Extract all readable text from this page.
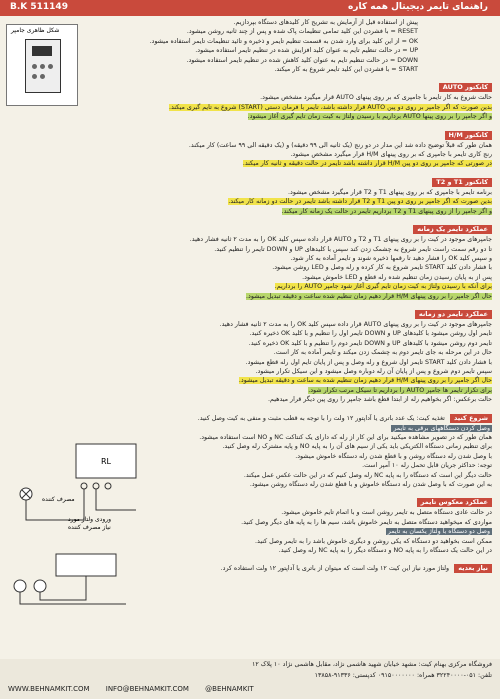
B.K 511149	راهنمای تایمر دیجیتال همه کاره
شکل ظاهری جامپر
پیش از استفاده قبل از آزمایش به تشریح کار کلیدهای دستگاه بپردازیم.
RESET = با فشردن این کلید تمامی تنظیمات پاک شده و پس از چند ثانیه روشن میشود.
OK = از این کلید برای وارد شدن به قسمت تنظیم تایمر و ذخیره و تائید تنظیمات تایمر استفاده میشود.
UP = در حالت تنظیم تایم به عنوان کلید افزایش شده در تنظیم تایمر استفاده میشود.
DOWN = در حالت تنظیم تایم به عنوان کلید کاهش شده در تنظیم تایمر استفاده میشود.
START = با فشردن این کلید تایمر شروع به کار میکند.
کانکتور AUTO
حالت شروع به کار تایمر با جامپری که بر روی پینهای AUTO قرار میگیرد مشخص میشود.
بدین صورت که اگر جامپر بر روی دو پین AUTO قرار داشته باشد، تایمر با فرمان دستی (START) شروع به تایم گیری میکند.
و اگر جامپر را بر روی پینها AUTO برداریم با رسیدن ولتاژ به کیت زمان تایم گیری آغاز میشود.
کانکتور H/M
همان طور که قبلاً توضیح داده شد این مدار در دو رنج (یک ثانیه الی ۹۹ دقیقه) و (یک دقیقه الی ۹۹ ساعت) کار میکند.
رنج کاری تایمر با جامپری که بر روی پینهای H/M قرار میگیرد مشخص میشود.
در صورتی که جامپر بر روی دو پین H/M قرار داشته باشد تایمر در حالت دقیقه و ثانیه کار میکند.
کانکتور T1 و T2
برنامه تایمر با جامپری که بر روی پینهای T1 و T2 قرار میگیرد مشخص میشود.
بدین صورت که اگر جامپر بر روی دو پین T1 و T2 قرار داشته باشد تایمر در حالت دو زمانه کار میکند.
و اگر جامپر را از روی پینهای T1 و T2 برداریم تایمر در حالت یک زمانه کار میکند.
عملکرد تایمر یک زمانه
جامپرهای موجود در کیت را بر روی پینهای T1 و T2 و AUTO قرار داده سپس کلید OK را به مدت ۲ ثانیه فشار دهید.
تا دو رقم سمت راست تایمر شروع به چشمک زدن کند سپس با کلیدهای UP و DOWN تایمر را تنظیم کنید.
و سپس کلید OK را فشار دهید تا رقمها ذخیره شوند و تایمر آماده به کار شود.
با فشار دادن کلید START تایمر شروع به کار کرده و رله وصل و LED روشن میشود.
پس از به پایان رسیدن زمان تنظیم شده رله قطع و LED خاموش میشود.
برای آنکه با رسیدن ولتاژ به کیت زمان تایم گیری آغاز شود جامپر AUTO را برداریم.
حال اگر جامپر را بر روی پینهای H/M قرار دهیم زمان تنظیم شده ساعت و دقیقه تبدیل میشود.
عملکرد تایمر دو زمانه
جامپرهای موجود در کیت را بر روی پینهای AUTO قرار داده سپس کلید OK را به مدت ۲ ثانیه فشار دهید.
تایمر اول روشن میشود با کلیدهای UP و DOWN تایمر اول را تنظیم و با کلید OK ذخیره کنید.
تایمر دوم روشن میشود با کلیدهای UP و DOWN تایمر دوم را تنظیم و با کلید OK ذخیره کنید.
حال در این مرحله به جای تایمر دوم به چشمک زدن میکند و تایمر آماده به کار است.
با فشار دادن کلید START تایمر اول شروع و رله وصل و پس از پایان تایم اول رله قطع میشود.
سپس تایمر دوم شروع و پس از پایان آن رله دوباره وصل میشود و این سیکل تکرار میشود.
حال اگر جامپر را بر روی پینهای H/M قرار دهیم زمان تنظیم شده به ساعت و دقیقه تبدیل میشود.
برای تکرار تایمر ها جامپر AUTO را برداریم تا سیکل مرتب تکرار شود.
حالت برعکس: اگر بخواهیم رله از ابتدا قطع باشد جامپر را روی پین دیگر قرار میدهیم.
شروع کنید تغذیه کیت: یک عدد باتری یا آداپتور ۱۲ ولت را با توجه به قطب مثبت و منفی به کیت وصل کنید.
وصل کردن دستگاههای برقی به تایمر
همان طور که در تصویر مشاهده میکنید برای این کار از رله که دارای یک کنتاکت NC و NO است استفاده میشود.
برای تنظیم زمانی دستگاه الکتریکی باید یکی از سیم های آن را به پایه NO و پایه مشترک رله وصل کنید.
با وصل شدن رله دستگاه روشن و با قطع شدن رله دستگاه خاموش میشود.
توجه: حداکثر جریان قابل تحمل رله ۱۰ آمپر است.
حالت دیگر این است که دستگاه را به پایه NC رله وصل کنیم که در این حالت عکس عمل میکند.
به این صورت که با وصل شدن رله دستگاه خاموش و با قطع شدن رله دستگاه روشن میشود.
عملکرد معکوس تایمر
در حالت عادی دستگاه متصل به تایمر روشن است و با اتمام تایم خاموش میشود.
مواردی که میخواهید دستگاه متصل به تایمر خاموش باشد، سیم ها را به پایه های دیگر وصل کنید.
وصل دو دستگاه با ولتاژ یکسان به تایمر
ممکن است بخواهید دو دستگاه که یکی روشن و دیگری خاموش باشد را به تایمر وصل کنید.
در این حالت یک دستگاه را به پایه NO و دستگاه دیگر را به پایه NC رله وصل کنید.
نیاز بعدیه ولتاژ مورد نیاز این کیت ۱۲ ولت است که میتوان از باتری یا آداپتور ۱۲ ولت استفاده کرد.
RL
مصرف کننده
ورودی ولتاژ مورد
نیاز مصرف کننده
فروشگاه مرکزی بهنام کیت: مشهد خیابان شهید هاشمی نژاد، مقابل هاشمی نژاد ۱۰ پلاک ۱۲
تلفن: ۰۵۱-۳۲۲۴۰۰۰۰ همراه: ۰۹۱۵۰۰۰۰۰۰۰ کدپستی: ۹۱۳۳۶-۱۳۸۵۸
WWW.BEHNAMKIT.COM INFO@BEHNAMKIT.COM @BEHNAMKIT
